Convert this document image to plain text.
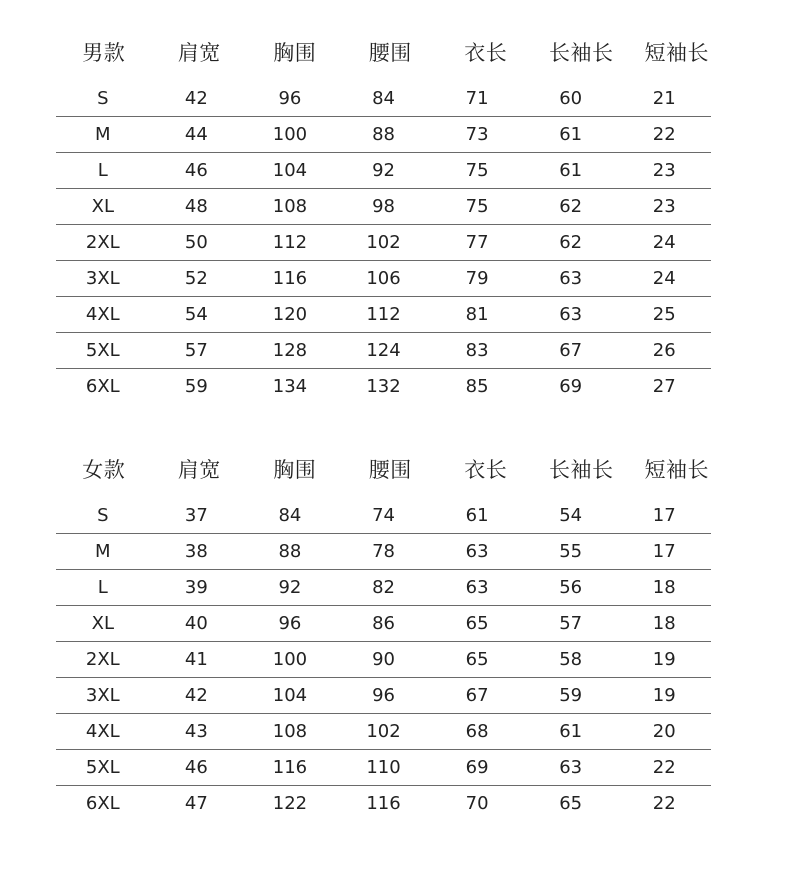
男款	肩宽	胸围	腰围	衣长	长袖长	短袖长
S	42	96	84	71	60	21
M	44	100	88	73	61	22
L	46	104	92	75	61	23
XL	48	108	98	75	62	23
2XL	50	112	102	77	62	24
3XL	52	116	106	79	63	24
4XL	54	120	112	81	63	25
5XL	57	128	124	83	67	26
6XL	59	134	132	85	69	27
女款	肩宽	胸围	腰围	衣长	长袖长	短袖长
S	37	84	74	61	54	17
M	38	88	78	63	55	17
L	39	92	82	63	56	18
XL	40	96	86	65	57	18
2XL	41	100	90	65	58	19
3XL	42	104	96	67	59	19
4XL	43	108	102	68	61	20
5XL	46	116	110	69	63	22
6XL	47	122	116	70	65	22
